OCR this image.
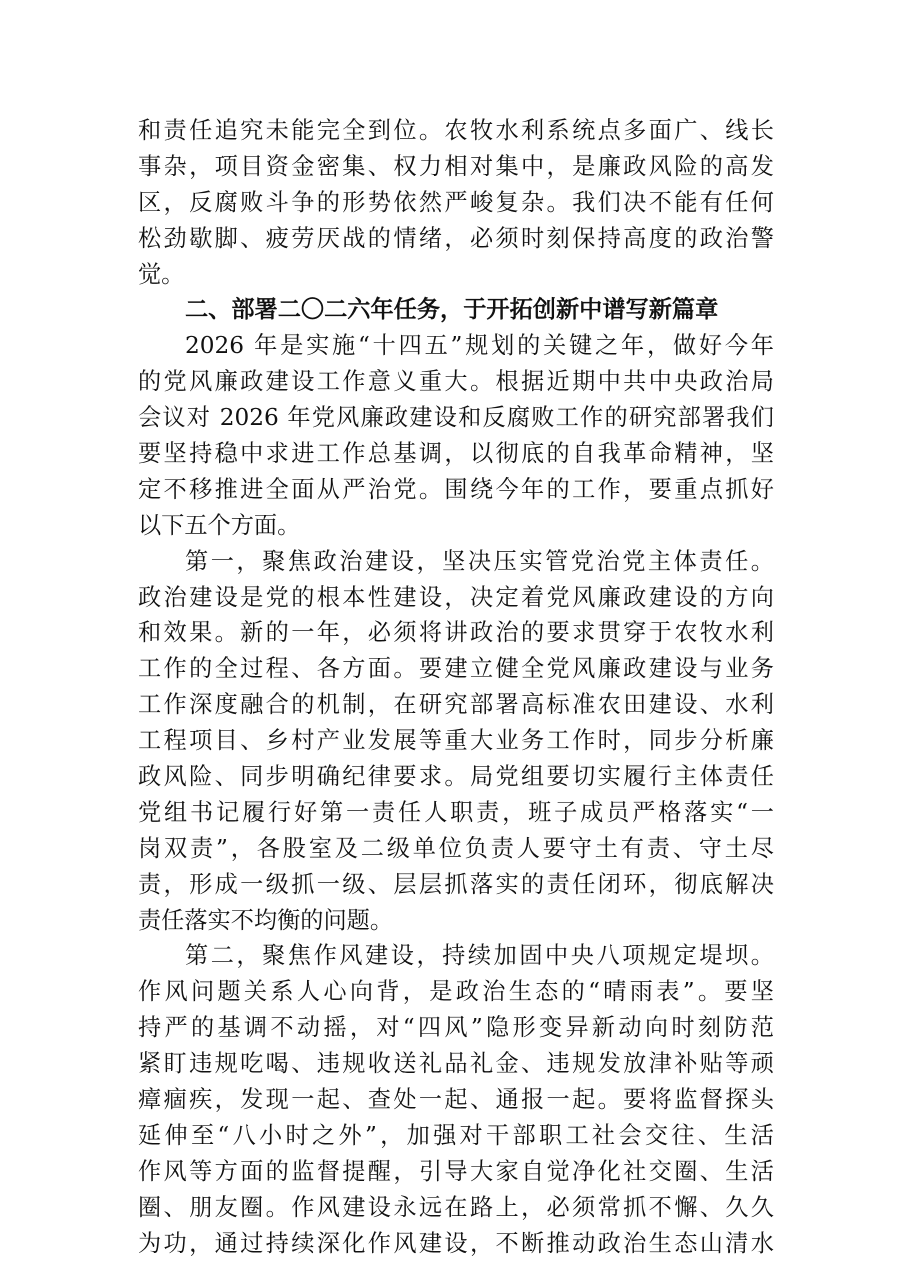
和责任追究未能完全到位。农牧水利系统点多面广、线长
事杂，项目资金密集、权力相对集中，是廉政风险的高发
区，反腐败斗争的形势依然严峻复杂。我们决不能有任何
松劲歇脚、疲劳厌战的情绪，必须时刻保持高度的政治警
觉。
二、部署二〇二六年任务，于开拓创新中谱写新篇章
2026 年是实施“十四五”规划的关键之年，做好今年
的党风廉政建设工作意义重大。根据近期中共中央政治局
会议对 2026 年党风廉政建设和反腐败工作的研究部署我们
要坚持稳中求进工作总基调，以彻底的自我革命精神，坚
定不移推进全面从严治党。围绕今年的工作，要重点抓好
以下五个方面。
第一，聚焦政治建设，坚决压实管党治党主体责任。
政治建设是党的根本性建设，决定着党风廉政建设的方向
和效果。新的一年，必须将讲政治的要求贯穿于农牧水利
工作的全过程、各方面。要建立健全党风廉政建设与业务
工作深度融合的机制，在研究部署高标准农田建设、水利
工程项目、乡村产业发展等重大业务工作时，同步分析廉
政风险、同步明确纪律要求。局党组要切实履行主体责任
党组书记履行好第一责任人职责，班子成员严格落实“一
岗双责”，各股室及二级单位负责人要守土有责、守土尽
责，形成一级抓一级、层层抓落实的责任闭环，彻底解决
责任落实不均衡的问题。
第二，聚焦作风建设，持续加固中央八项规定堤坝。
作风问题关系人心向背，是政治生态的“晴雨表”。要坚
持严的基调不动摇，对“四风”隐形变异新动向时刻防范
紧盯违规吃喝、违规收送礼品礼金、违规发放津补贴等顽
瘴痼疾，发现一起、查处一起、通报一起。要将监督探头
延伸至“八小时之外”，加强对干部职工社会交往、生活
作风等方面的监督提醒，引导大家自觉净化社交圈、生活
圈、朋友圈。作风建设永远在路上，必须常抓不懈、久久
为功，通过持续深化作风建设，不断推动政治生态山清水
